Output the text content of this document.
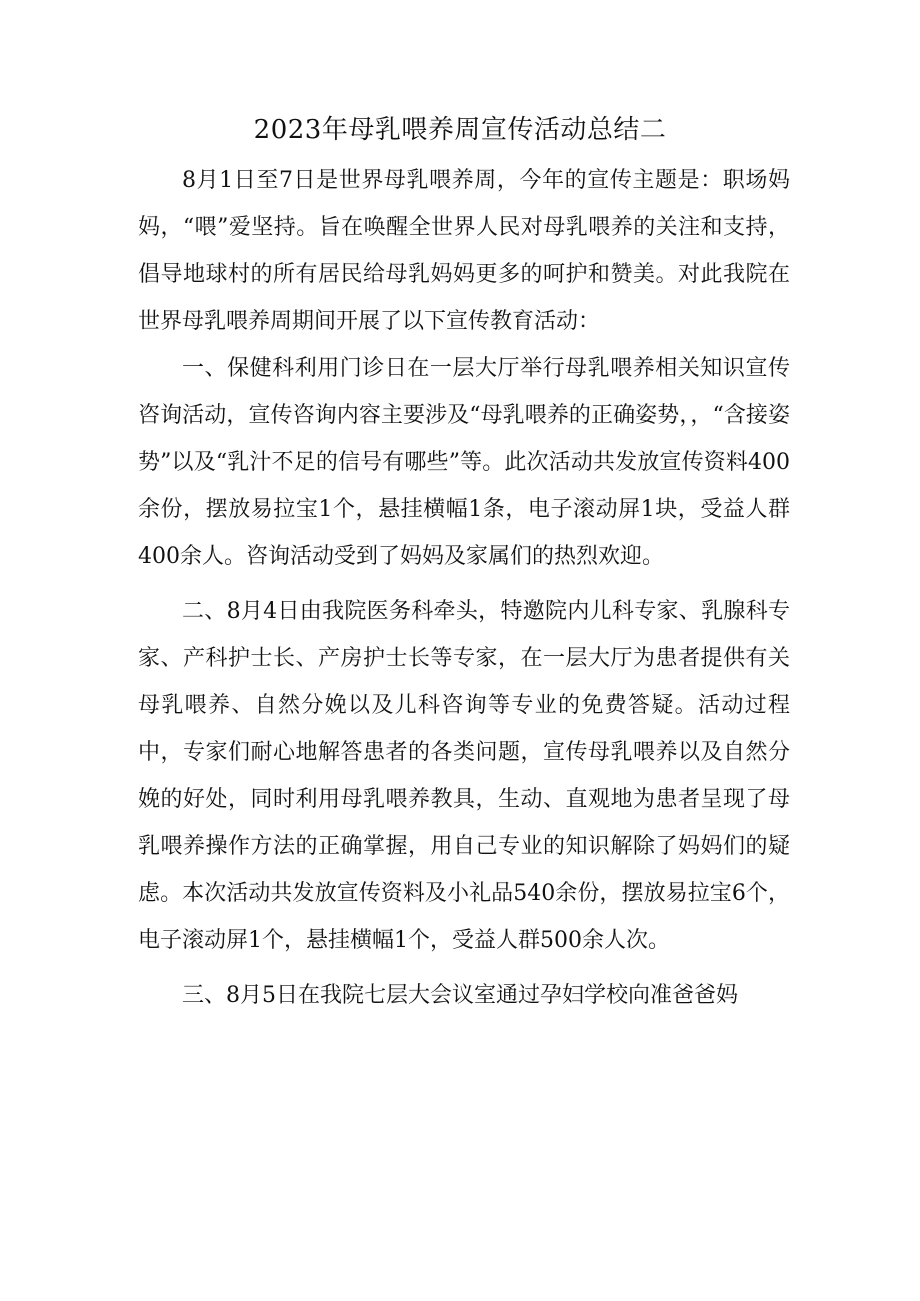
2023年母乳喂养周宣传活动总结二

8月1日至7日是世界母乳喂养周，今年的宣传主题是：职场妈妈，“喂”爱坚持。旨在唤醒全世界人民对母乳喂养的关注和支持，倡导地球村的所有居民给母乳妈妈更多的呵护和赞美。对此我院在世界母乳喂养周期间开展了以下宣传教育活动：

一、保健科利用门诊日在一层大厅举行母乳喂养相关知识宣传咨询活动，宣传咨询内容主要涉及“母乳喂养的正确姿势，，“含接姿势”以及“乳汁不足的信号有哪些”等。此次活动共发放宣传资料400余份，摆放易拉宝1个，悬挂横幅1条，电子滚动屏1块，受益人群400余人。咨询活动受到了妈妈及家属们的热烈欢迎。

二、8月4日由我院医务科牵头，特邀院内儿科专家、乳腺科专家、产科护士长、产房护士长等专家，在一层大厅为患者提供有关母乳喂养、自然分娩以及儿科咨询等专业的免费答疑。活动过程中，专家们耐心地解答患者的各类问题，宣传母乳喂养以及自然分娩的好处，同时利用母乳喂养教具，生动、直观地为患者呈现了母乳喂养操作方法的正确掌握，用自己专业的知识解除了妈妈们的疑虑。本次活动共发放宣传资料及小礼品540余份，摆放易拉宝6个，电子滚动屏1个，悬挂横幅1个，受益人群500余人次。

三、8月5日在我院七层大会议室通过孕妇学校向准爸爸妈
